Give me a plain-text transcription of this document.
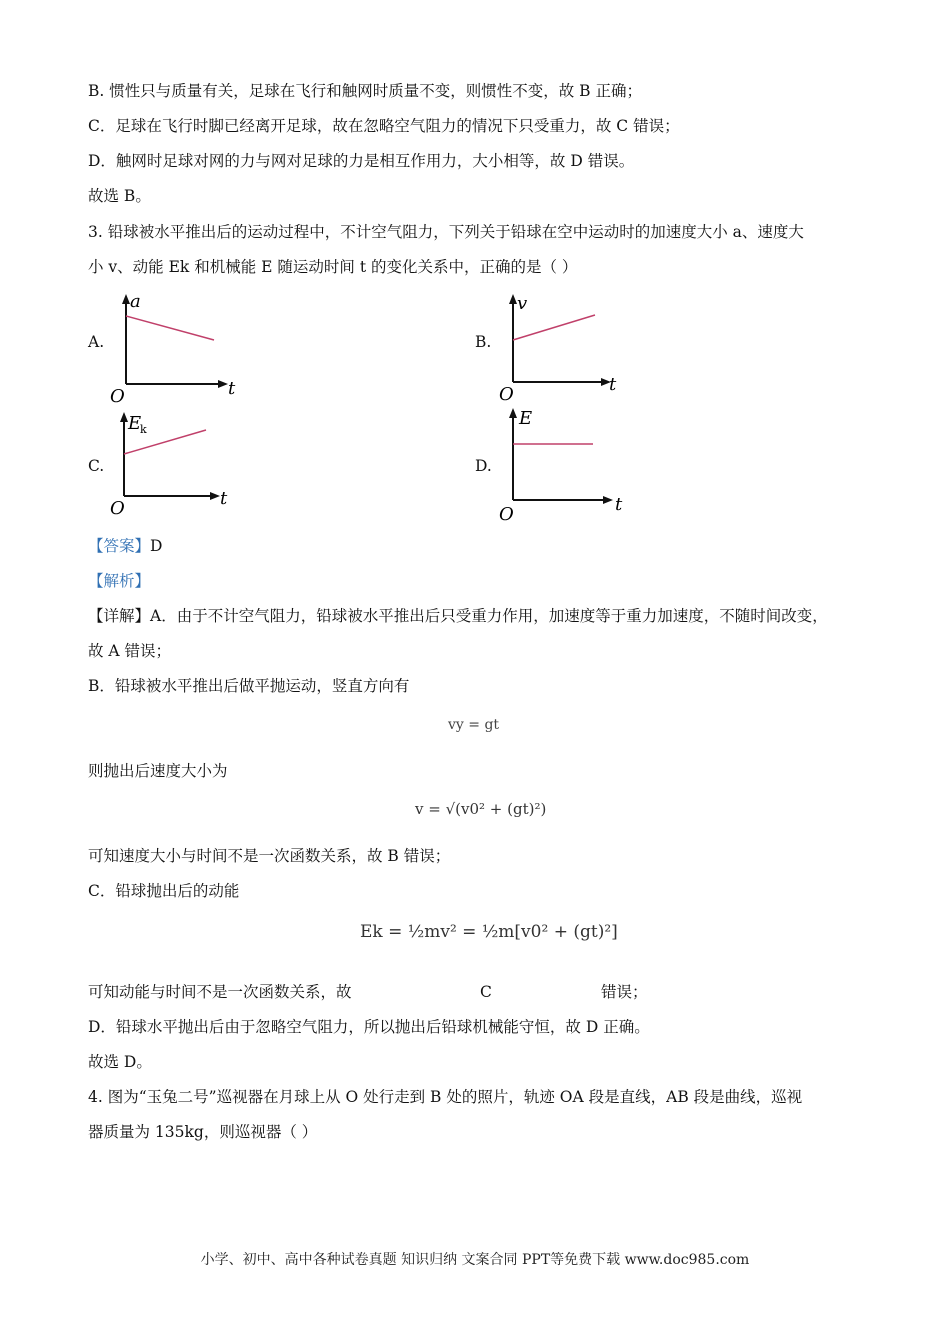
B. 惯性只与质量有关，足球在飞行和触网时质量不变，则惯性不变，故 B 正确；
C．足球在飞行时脚已经离开足球，故在忽略空气阻力的情况下只受重力，故 C 错误；
D．触网时足球对网的力与网对足球的力是相互作用力，大小相等，故 D 错误。
故选 B。
3. 铅球被水平推出后的运动过程中，不计空气阻力，下列关于铅球在空中运动时的加速度大小 a、速度大
小 v、动能 Ek 和机械能 E 随运动时间 t 的变化关系中，正确的是（ ）
A.
a
t
O
B.
v
t
O
C.
E
k
t
O
D.
E
t
O
【答案】D
【解析】
【详解】A．由于不计空气阻力，铅球被水平推出后只受重力作用，加速度等于重力加速度，不随时间改变，
故 A 错误；
B．铅球被水平推出后做平抛运动，竖直方向有
vy = gt
则抛出后速度大小为
v = √(v0² + (gt)²)
可知速度大小与时间不是一次函数关系，故 B 错误；
C．铅球抛出后的动能
Ek = ½mv² = ½m[v0² + (gt)²]
可知动能与时间不是一次函数关系，故	C	错误；
D．铅球水平抛出后由于忽略空气阻力，所以抛出后铅球机械能守恒，故 D 正确。
故选 D。
4. 图为“玉兔二号”巡视器在月球上从 O 处行走到 B 处的照片，轨迹 OA 段是直线，AB 段是曲线，巡视
器质量为 135kg，则巡视器（ ）
小学、初中、高中各种试卷真题 知识归纳 文案合同 PPT等免费下载 www.doc985.com
